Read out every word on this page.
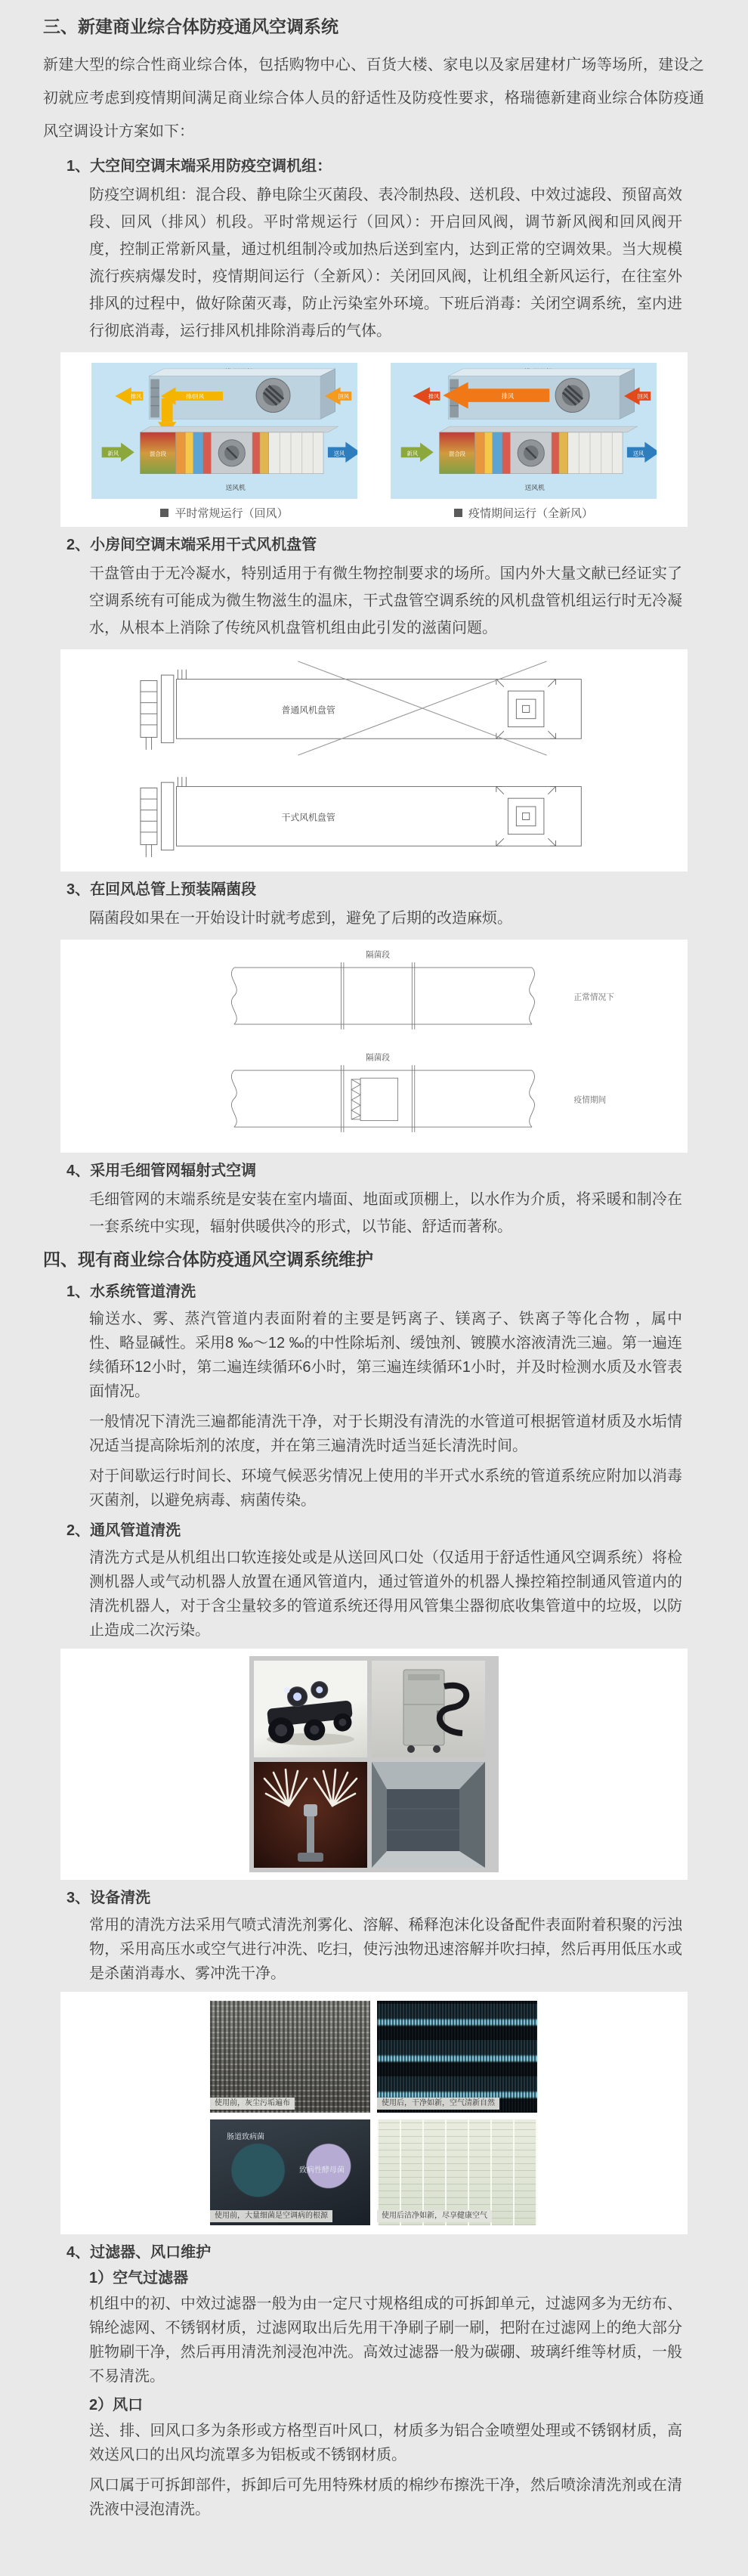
三、新建商业综合体防疫通风空调系统

新建大型的综合性商业综合体，包括购物中心、百货大楼、家电以及家居建材广场等场所，建设之初就应考虑到疫情期间满足商业综合体人员的舒适性及防疫性要求，格瑞德新建商业综合体防疫通风空调设计方案如下：

1、大空间空调末端采用防疫空调机组：

防疫空调机组：混合段、静电除尘灭菌段、表冷制热段、送机段、中效过滤段、预留高效段、回风（排风）机段。平时常规运行（回风）：开启回风阀，调节新风阀和回风阀开度，控制正常新风量，通过机组制冷或加热后送到室内，达到正常的空调效果。当大规模流行疾病爆发时，疫情期间运行（全新风）：关闭回风阀，让机组全新风运行，在往室外排风的过程中，做好除菌灭毒，防止污染室外环境。下班后消毒：关闭空调系统，室内进行彻底消毒，运行排风机排除消毒后的气体。

排风	排/回风	回风
混合段
新风	送风
送风机
排风	排风	回风
混合段
新风	送风
送风机
平时常规运行（回风）	疫情期间运行（全新风）
2、小房间空调末端采用干式风机盘管

干盘管由于无冷凝水，特别适用于有微生物控制要求的场所。国内外大量文献已经证实了空调系统有可能成为微生物滋生的温床，干式盘管空调系统的风机盘管机组运行时无冷凝水，从根本上消除了传统风机盘管机组由此引发的滋菌问题。

普通风机盘管
干式风机盘管
3、在回风总管上预装隔菌段

隔菌段如果在一开始设计时就考虑到，避免了后期的改造麻烦。

隔菌段
正常情况下
隔菌段
疫情期间
4、采用毛细管网辐射式空调

毛细管网的末端系统是安装在室内墙面、地面或顶棚上，以水作为介质，将采暖和制冷在一套系统中实现，辐射供暖供冷的形式，以节能、舒适而著称。

四、现有商业综合体防疫通风空调系统维护
1、水系统管道清洗

输送水、雾、蒸汽管道内表面附着的主要是钙离子、镁离子、铁离子等化合物 ，属中性、略显碱性。采用8 ‰～12 ‰的中性除垢剂、缓蚀剂、镀膜水溶液清洗三遍。第一遍连续循环12小时，第二遍连续循环6小时，第三遍连续循环1小时，并及时检测水质及水管表面情况。

一般情况下清洗三遍都能清洗干净，对于长期没有清洗的水管道可根据管道材质及水垢情况适当提高除垢剂的浓度，并在第三遍清洗时适当延长清洗时间。

对于间歇运行时间长、环境气候恶劣情况上使用的半开式水系统的管道系统应附加以消毒灭菌剂，以避免病毒、病菌传染。

2、通风管道清洗

清洗方式是从机组出口软连接处或是从送回风口处（仅适用于舒适性通风空调系统）将检测机器人或气动机器人放置在通风管道内，通过管道外的机器人操控箱控制通风管道内的清洗机器人，对于含尘量较多的管道系统还得用风管集尘器彻底收集管道中的垃圾，以防止造成二次污染。

3、设备清洗

常用的清洗方法采用气喷式清洗剂雾化、溶解、稀释泡沫化设备配件表面附着积聚的污浊物，采用高压水或空气进行冲洗、吃扫，使污浊物迅速溶解并吹扫掉，然后再用低压水或是杀菌消毒水、雾冲洗干净。

使用前，灰尘污垢遍布	使用后，干净如新，空气清新自然
肠道致病菌
致病性酵母菌
使用前，大量细菌是空调病的根源	使用后洁净如新，尽享健康空气
4、过滤器、风口维护
1）空气过滤器

机组中的初、中效过滤器一般为由一定尺寸规格组成的可拆卸单元，过滤网多为无纺布、锦纶滤网、不锈钢材质，过滤网取出后先用干净刷子刷一刷，把附在过滤网上的绝大部分脏物刷干净，然后再用清洗剂浸泡冲洗。高效过滤器一般为碳硼、玻璃纤维等材质，一般不易清洗。

2）风口

送、排、回风口多为条形或方格型百叶风口，材质多为铝合金喷塑处理或不锈钢材质，高效送风口的出风均流罩多为铝板或不锈钢材质。

风口属于可拆卸部件，拆卸后可先用特殊材质的棉纱布擦洗干净，然后喷涂清洗剂或在清洗液中浸泡清洗。
